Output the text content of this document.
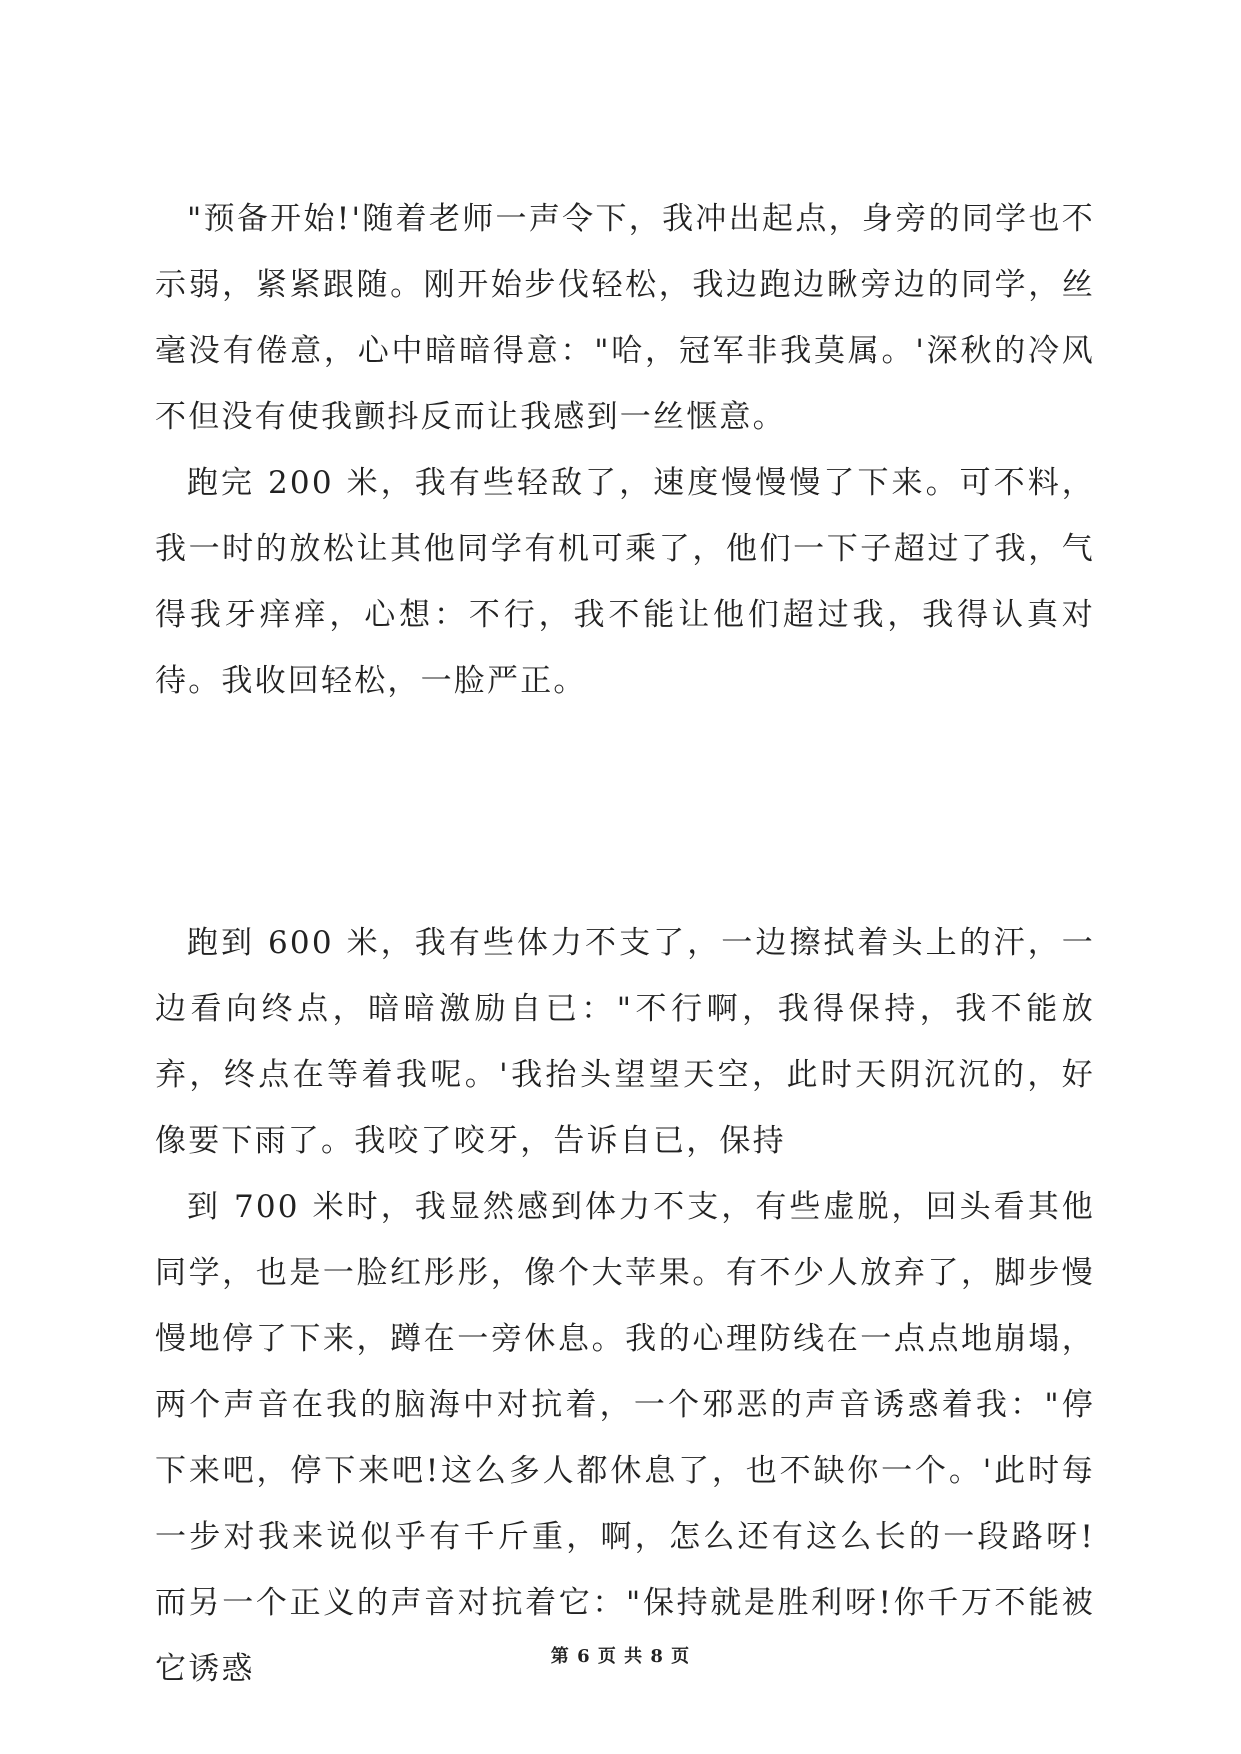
"预备开始!'随着老师一声令下，我冲出起点，身旁的同学也不示弱，紧紧跟随。刚开始步伐轻松，我边跑边瞅旁边的同学，丝毫没有倦意，心中暗暗得意："哈，冠军非我莫属。'深秋的冷风不但没有使我颤抖反而让我感到一丝惬意。

跑完 200 米，我有些轻敌了，速度慢慢慢了下来。可不料，我一时的放松让其他同学有机可乘了，他们一下子超过了我，气得我牙痒痒，心想：不行，我不能让他们超过我，我得认真对待。我收回轻松，一脸严正。

跑到 600 米，我有些体力不支了，一边擦拭着头上的汗，一边看向终点，暗暗激励自已："不行啊，我得保持，我不能放弃，终点在等着我呢。'我抬头望望天空，此时天阴沉沉的，好像要下雨了。我咬了咬牙，告诉自已，保持

到 700 米时，我显然感到体力不支，有些虚脱，回头看其他同学，也是一脸红彤彤，像个大苹果。有不少人放弃了，脚步慢慢地停了下来，蹲在一旁休息。我的心理防线在一点点地崩塌，两个声音在我的脑海中对抗着，一个邪恶的声音诱惑着我："停下来吧，停下来吧!这么多人都休息了，也不缺你一个。'此时每一步对我来说似乎有千斤重，啊，怎么还有这么长的一段路呀!而另一个正义的声音对抗着它："保持就是胜利呀!你千万不能被它诱惑	第 6 页 共 8 页
